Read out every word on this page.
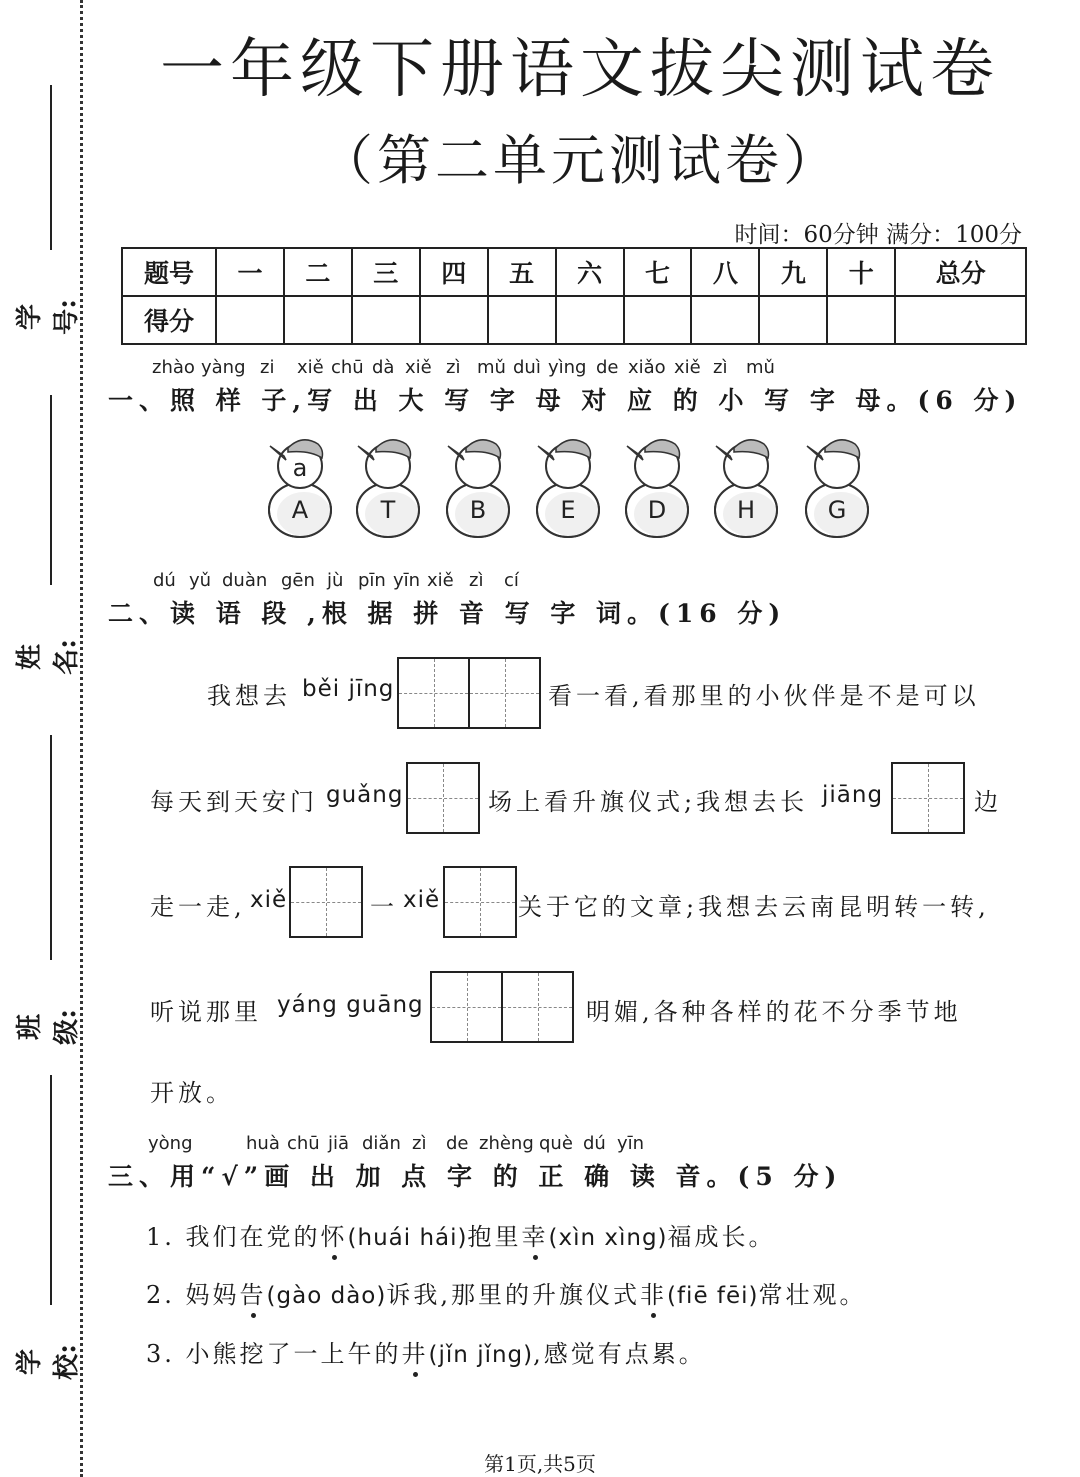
学号:
姓名:
班级:
学校:
一年级下册语文拔尖测试卷
（第二单元测试卷）
时间：60分钟 满分：100分
题号	一	二	三	四	五	六	七	八	九	十	总分
得分											
zhào yàng zi xiě chū dà xiě zì mǔ duì yìng de xiǎo xiě zì mǔ
一、照 样 子,写 出 大 写 字 母 对 应 的 小 写 字 母。(6 分)
a
A	T	B	E	D	H	G
dú yǔ duàn gēn jù pīn yīn xiě zì cí
二、读 语 段 ,根 据 拼 音 写 字 词。(16 分)
我想去 běi jīng	看一看,看那里的小伙伴是不是可以
每天到天安门 guǎng	场上看升旗仪式;我想去长 jiāng	边
走一走, xiě	一 xiě	关于它的文章;我想去云南昆明转一转,
听说那里 yáng guāng	明媚,各种各样的花不分季节地
开放。
yòng	huà chū jiā diǎn zì de zhèng què dú yīn
三、用“√”画 出 加 点 字 的 正 确 读 音。(5 分)
1. 我们在党的怀(huái hái)抱里幸(xìn xìng)福成长。
2. 妈妈告(gào dào)诉我,那里的升旗仪式非(fiē fēi)常壮观。
3. 小熊挖了一上午的井(jǐn jǐng),感觉有点累。
第1页,共5页
